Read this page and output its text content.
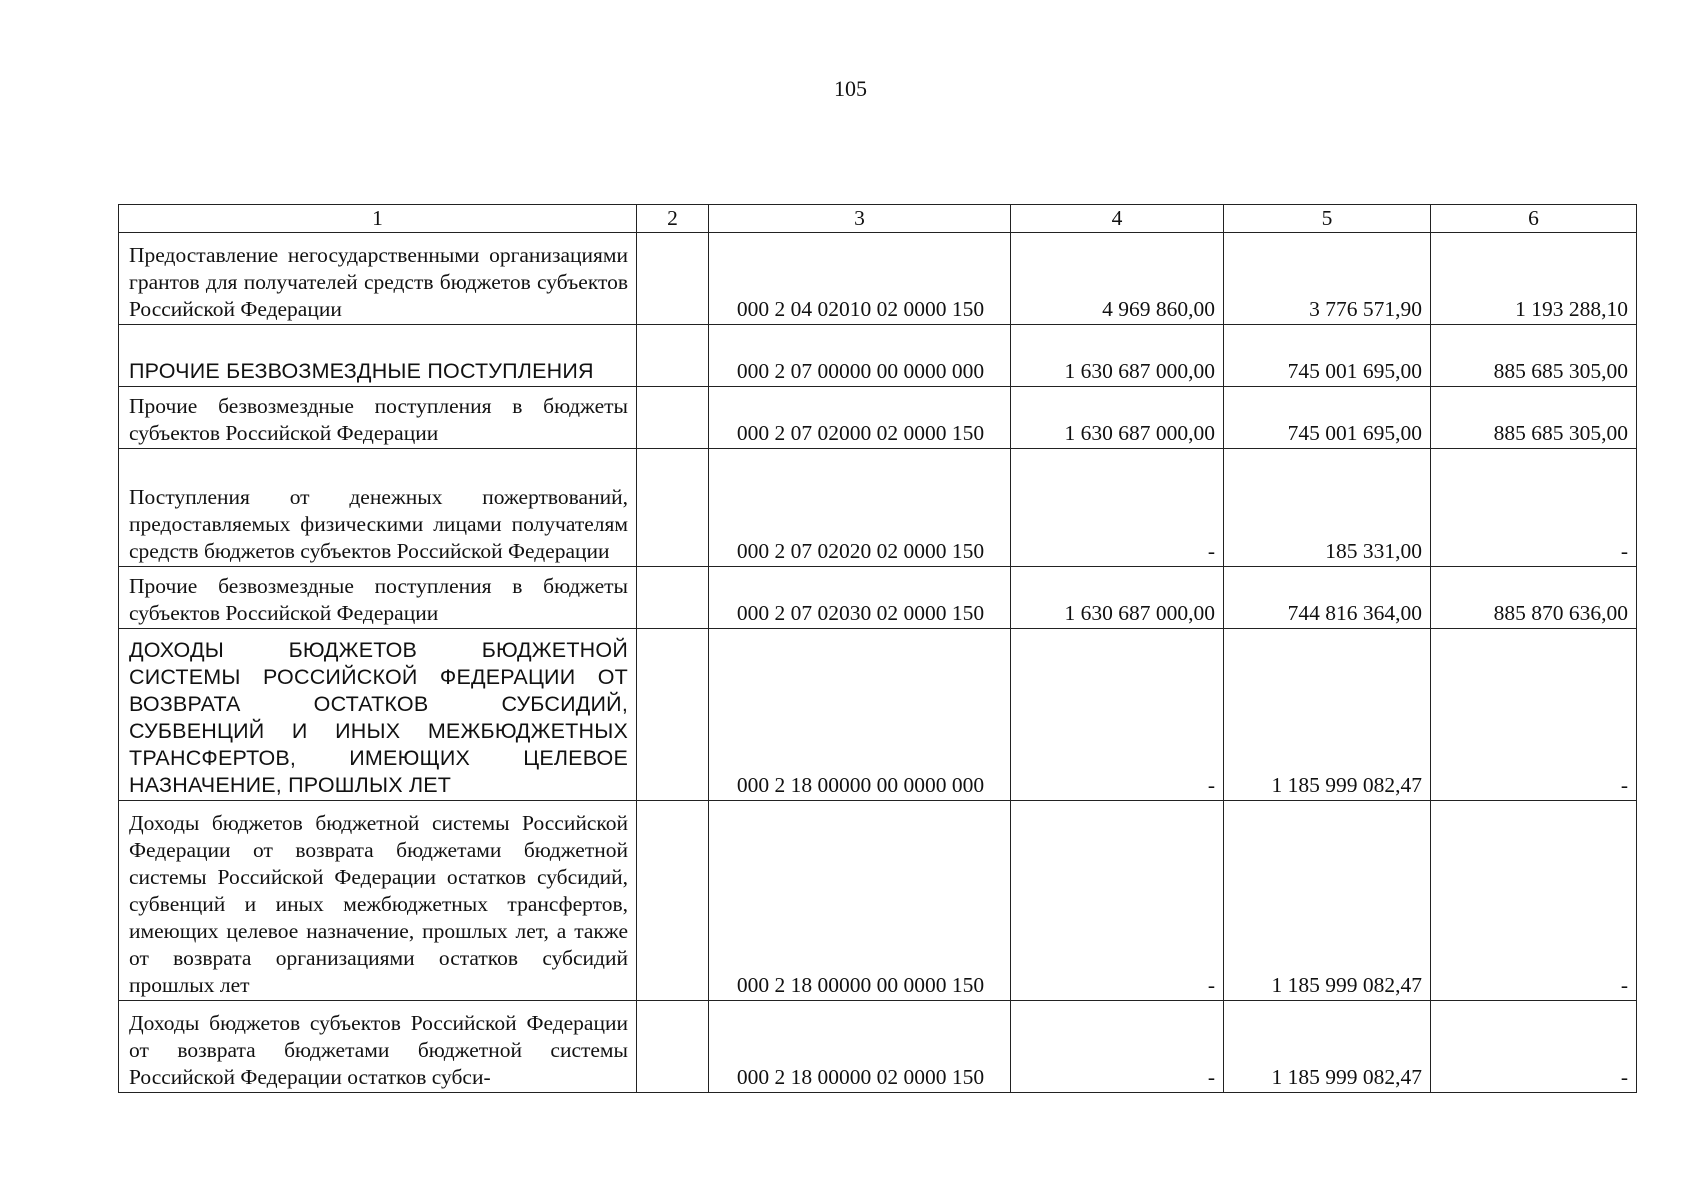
105
1	2	3	4	5	6
Предоставление негосударственными организациями грантов для получателей средств бюджетов субъектов Российской Федерации		000 2 04 02010 02 0000 150	4 969 860,00	3 776 571,90	1 193 288,10
ПРОЧИЕ БЕЗВОЗМЕЗДНЫЕ ПОСТУПЛЕНИЯ		000 2 07 00000 00 0000 000	1 630 687 000,00	745 001 695,00	885 685 305,00
Прочие безвозмездные поступления в бюджеты субъектов Российской Федерации		000 2 07 02000 02 0000 150	1 630 687 000,00	745 001 695,00	885 685 305,00
Поступления от денежных пожертвований, предоставляемых физическими лицами получателям средств бюджетов субъектов Российской Федерации		000 2 07 02020 02 0000 150	-	185 331,00	-
Прочие безвозмездные поступления в бюджеты субъектов Российской Федерации		000 2 07 02030 02 0000 150	1 630 687 000,00	744 816 364,00	885 870 636,00
ДОХОДЫ БЮДЖЕТОВ БЮДЖЕТНОЙ СИСТЕМЫ РОССИЙСКОЙ ФЕДЕРАЦИИ ОТ ВОЗВРАТА ОСТАТКОВ СУБСИДИЙ, СУБВЕНЦИЙ И ИНЫХ МЕЖБЮДЖЕТНЫХ ТРАНСФЕРТОВ, ИМЕЮЩИХ ЦЕЛЕВОЕ НАЗНАЧЕНИЕ, ПРОШЛЫХ ЛЕТ		000 2 18 00000 00 0000 000	-	1 185 999 082,47	-
Доходы бюджетов бюджетной системы Российской Федерации от возврата бюджетами бюджетной системы Российской Федерации остатков субсидий, субвенций и иных межбюджетных трансфертов, имеющих целевое назначение, прошлых лет, а также от возврата организациями остатков субсидий прошлых лет		000 2 18 00000 00 0000 150	-	1 185 999 082,47	-
Доходы бюджетов субъектов Российской Федерации от возврата бюджетами бюджетной системы Российской Федерации остатков субси-		000 2 18 00000 02 0000 150	-	1 185 999 082,47	-
